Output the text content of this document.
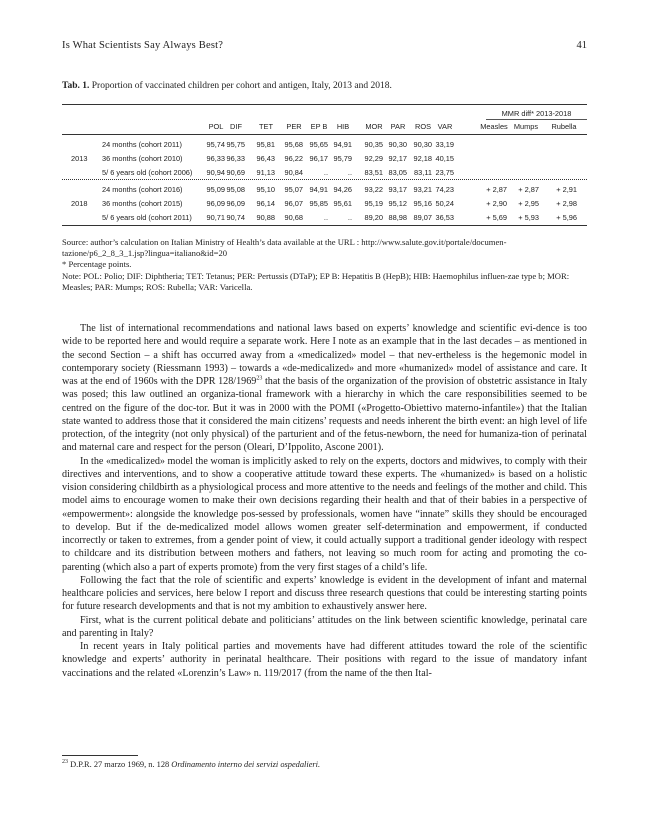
Is What Scientists Say Always Best?	41
Tab. 1. Proportion of vaccinated children per cohort and antigen, Italy, 2013 and 2018.
MMR diff* 2013-2018
POL DIF	TET	PER	EP B	HIB	MOR	PAR	ROS VAR	Measles Mumps	Rubella
2013
24 months (cohort 2011)	95,74 95,75	95,81	95,68 95,65 94,91	90,35 90,30 90,30 33,19
36 months (cohort 2010)	96,33 96,33	96,43	96,22 96,17 95,79	92,29 92,17 92,18 40,15
5/ 6 years old (cohort 2006)	90,94 90,69	91,13	90,84	..	..	83,51 83,05 83,11 23,75
2018
24 months (cohort 2016)	95,09 95,08	95,10	95,07 94,91 94,26	93,22 93,17 93,21 74,23	+ 2,87	+ 2,87	+ 2,91
36 months (cohort 2015)	96,09 96,09	96,14	96,07 95,85 95,61	95,19 95,12 95,16 50,24	+ 2,90	+ 2,95	+ 2,98
5/ 6 years old (cohort 2011)	90,71 90,74	90,88	90,68	..	..	89,20 88,98 89,07 36,53	+ 5,69	+ 5,93	+ 5,96

Source: author’s calculation on Italian Ministry of Health’s data available at the URL : http://www.salute.gov.it/portale/documen-tazione/p6_2_8_3_1.jsp?lingua=italiano&id=20

* Percentage points.

Note: POL: Polio; DIF: Diphtheria; TET: Tetanus; PER: Pertussis (DTaP); EP B: Hepatitis B (HepB); HIB: Haemophilus influen-zae type b; MOR: Measles; PAR: Mumps; ROS: Rubella; VAR: Varicella.

The list of international recommendations and national laws based on experts’ knowledge and scientific evi-dence is too wide to be reported here and would require a separate work. Here I note as an example that in the last decades – as mentioned in the second Section – a shift has occurred away from a «medicalized» model – that nev-ertheless is the hegemonic model in contemporary society (Riessmann 1993) – towards a «de-medicalized» and more «humanized» model of assistance and care. It was at the end of 1960s with the DPR 128/1969$^{23}$ that the basis of the organization of the provision of obstetric assistance in Italy was posed; this law outlined an organiza-tional framework with a hierarchy in which the care responsibilities seemed to be centred on the figure of the doc-tor. But it was in 2000 with the POMI («Progetto-Obiettivo materno-infantile») that the Italian state wanted to address those that it considered the main citizens’ requests and needs inherent the birth event: an high level of life protection, of the integrity (not only physical) of the parturient and of the fetus-newborn, the need for humaniza-tion of perinatal and maternal care and respect for the person (Oleari, D’Ippolito, Ascone 2001).

In the «medicalized» model the woman is implicitly asked to rely on the experts, doctors and midwives, to comply with their directives and interventions, and to show a cooperative attitude toward these experts. The «humanized» is based on a holistic vision considering childbirth as a physiological process and more attentive to the needs and feelings of the mother and child. This model aims to encourage women to make their own decisions regarding their health and that of their babies in a perspective of «empowerment»: alongside the knowledge pos-sessed by professionals, women have “innate” skills they should be encouraged to develop. But if the de-medicalized model allows women greater self-determination and empowerment, if conducted incorrectly or taken to extremes, from a gender point of view, it could actually support a traditional gender ideology with respect to childcare and its distribution between mothers and fathers, not leaving so much room for acting and promoting the co-parenting (which also a part of experts promote) from the very first stages of a child’s life.

Following the fact that the role of scientific and experts’ knowledge is evident in the development of infant and maternal healthcare policies and services, here below I report and discuss three research questions that could be interesting starting points for future research developments and that is not my ambition to exhaustively answer here.

First, what is the current political debate and politicians’ attitudes on the link between scientific knowledge, perinatal care and parenting in Italy?

In recent years in Italy political parties and movements have had different attitudes toward the role of the scientific knowledge and experts’ authority in perinatal healthcare. Their positions with regard to the issue of mandatory infant vaccinations and the related «Lorenzin’s Law» n. 119/2017 (from the name of the then Ital-

$^{23}$ D.P.R. 27 marzo 1969, n. 128 Ordinamento interno dei servizi ospedalieri.
